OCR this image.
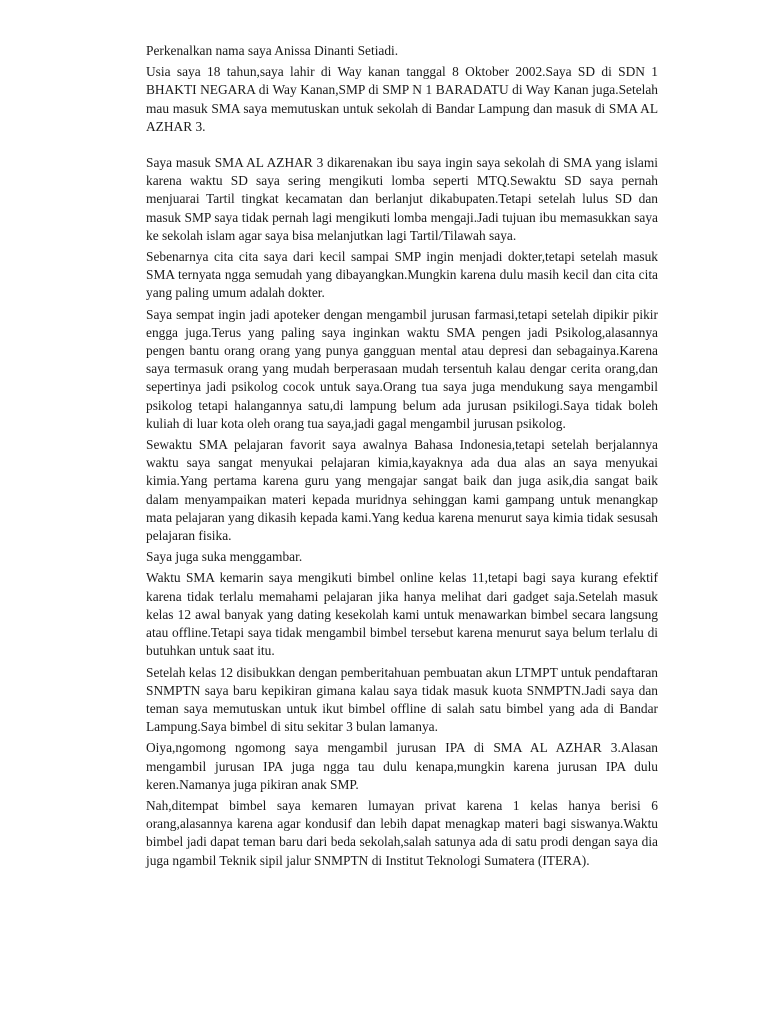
Perkenalkan nama saya Anissa Dinanti Setiadi.

Usia saya 18 tahun,saya lahir di Way kanan tanggal 8 Oktober 2002.Saya SD di SDN 1 BHAKTI NEGARA di Way Kanan,SMP di SMP N 1 BARADATU di Way Kanan juga.Setelah mau masuk SMA saya memutuskan untuk sekolah di Bandar Lampung dan masuk di SMA AL AZHAR 3.

Saya masuk SMA AL AZHAR 3 dikarenakan ibu saya ingin saya sekolah di SMA yang islami karena waktu SD saya sering mengikuti lomba seperti MTQ.Sewaktu SD saya pernah menjuarai Tartil tingkat kecamatan dan berlanjut dikabupaten.Tetapi setelah lulus SD dan masuk SMP saya tidak pernah lagi mengikuti lomba mengaji.Jadi tujuan ibu memasukkan saya ke sekolah islam agar saya bisa melanjutkan lagi Tartil/Tilawah saya.

Sebenarnya cita cita saya dari kecil sampai SMP ingin menjadi dokter,tetapi setelah masuk SMA ternyata ngga semudah yang dibayangkan.Mungkin karena dulu masih kecil dan cita cita yang paling umum adalah dokter.

Saya sempat ingin jadi apoteker dengan mengambil jurusan farmasi,tetapi setelah dipikir pikir engga juga.Terus yang paling saya inginkan waktu SMA pengen jadi Psikolog,alasannya pengen bantu orang orang yang punya gangguan mental atau depresi dan sebagainya.Karena saya termasuk orang yang mudah berperasaan mudah tersentuh kalau dengar cerita orang,dan sepertinya jadi psikolog cocok untuk saya.Orang tua saya juga mendukung saya mengambil psikolog tetapi halangannya satu,di lampung belum ada jurusan psikilogi.Saya tidak boleh kuliah di luar kota oleh orang tua saya,jadi gagal mengambil jurusan psikolog.

Sewaktu SMA pelajaran favorit saya awalnya Bahasa Indonesia,tetapi setelah berjalannya waktu saya sangat menyukai pelajaran kimia,kayaknya ada dua alas an saya menyukai kimia.Yang pertama karena guru yang mengajar sangat baik dan juga asik,dia sangat baik dalam menyampaikan materi kepada muridnya sehinggan kami gampang untuk menangkap mata pelajaran yang dikasih kepada kami.Yang kedua karena menurut saya kimia tidak sesusah pelajaran fisika.

Saya juga suka menggambar.

Waktu SMA kemarin saya mengikuti bimbel online kelas 11,tetapi bagi saya kurang efektif karena tidak terlalu memahami pelajaran jika hanya melihat dari gadget saja.Setelah masuk kelas 12 awal banyak yang dating kesekolah kami untuk menawarkan bimbel secara langsung atau offline.Tetapi saya tidak mengambil bimbel tersebut karena menurut saya belum terlalu di butuhkan untuk saat itu.

Setelah kelas 12 disibukkan dengan pemberitahuan pembuatan akun LTMPT untuk pendaftaran SNMPTN saya baru kepikiran gimana kalau saya tidak masuk kuota SNMPTN.Jadi saya dan teman saya memutuskan untuk ikut bimbel offline di salah satu bimbel yang ada di Bandar Lampung.Saya bimbel di situ sekitar 3 bulan lamanya.

Oiya,ngomong ngomong saya mengambil jurusan IPA di SMA AL AZHAR 3.Alasan mengambil jurusan IPA juga ngga tau dulu kenapa,mungkin karena jurusan IPA dulu keren.Namanya juga pikiran anak SMP.

Nah,ditempat bimbel saya kemaren lumayan privat karena 1 kelas hanya berisi 6 orang,alasannya karena agar kondusif dan lebih dapat menagkap materi bagi siswanya.Waktu bimbel jadi dapat teman baru dari beda sekolah,salah satunya ada di satu prodi dengan saya dia juga ngambil Teknik sipil jalur SNMPTN di Institut Teknologi Sumatera (ITERA).
